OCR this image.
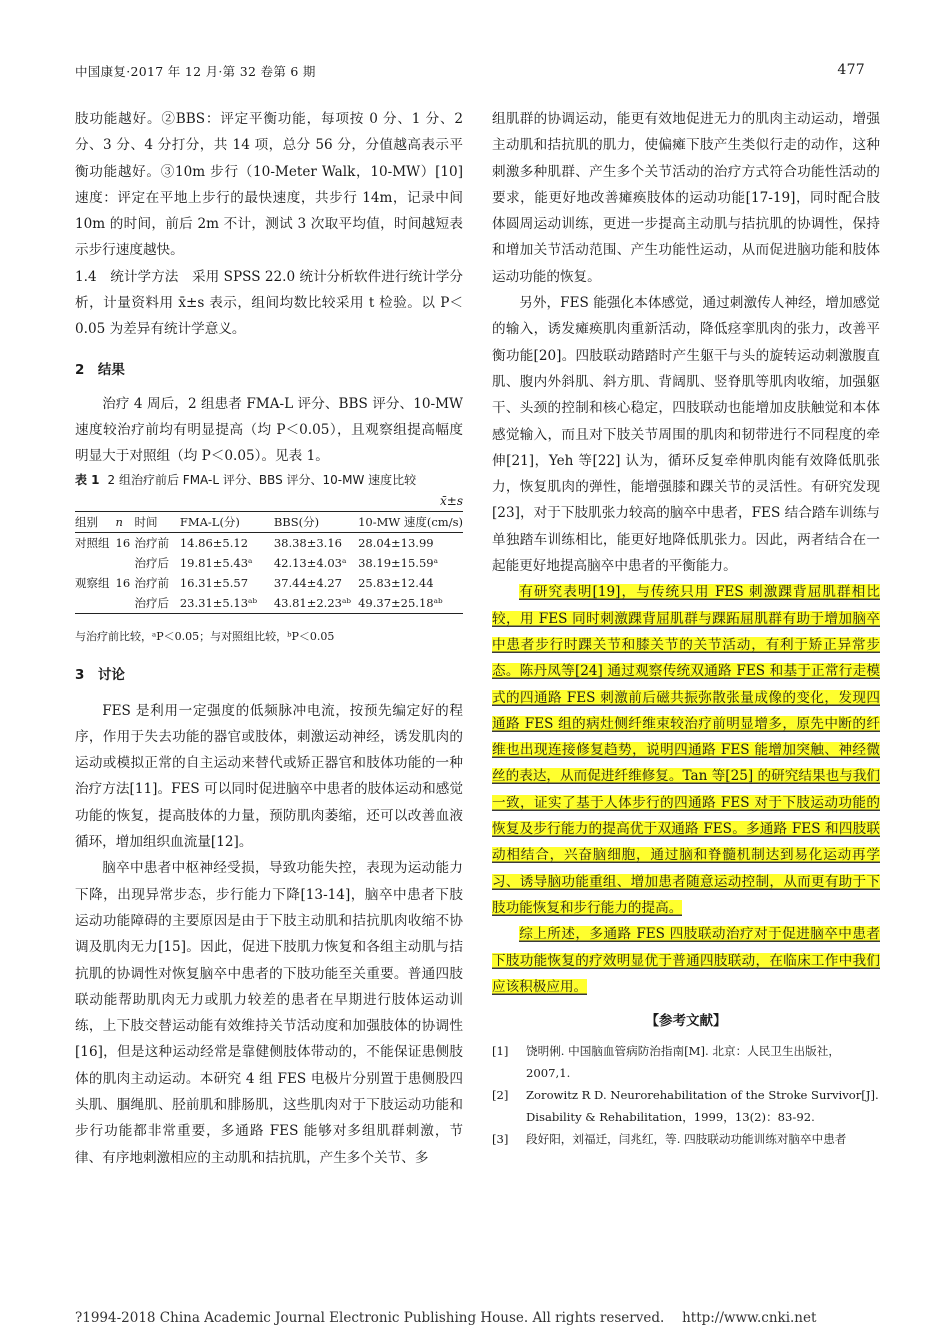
中国康复·2017 年 12 月·第 32 卷第 6 期	477

肢功能越好。②BBS：评定平衡功能，每项按 0 分、1 分、2 分、3 分、4 分打分，共 14 项，总分 56 分，分值越高表示平衡功能越好。③10m 步行（10-Meter Walk，10-MW）[10] 速度：评定在平地上步行的最快速度，共步行 14m，记录中间 10m 的时间，前后 2m 不计，测试 3 次取平均值，时间越短表示步行速度越快。

1.4　统计学方法　采用 SPSS 22.0 统计分析软件进行统计学分析，计量资料用 x̄±s 表示，组间均数比较采用 t 检验。以 P＜0.05 为差异有统计学意义。

2　结果

治疗 4 周后，2 组患者 FMA-L 评分、BBS 评分、10-MW 速度较治疗前均有明显提高（均 P＜0.05），且观察组提高幅度明显大于对照组（均 P＜0.05）。见表 1。

表 1 2 组治疗前后 FMA-L 评分、BBS 评分、10-MW 速度比较
x̄±s
组别	n	时间	FMA-L(分)	BBS(分)	10-MW 速度(cm/s)
对照组	16	治疗前	14.86±5.12	38.38±3.16	28.04±13.99
		治疗后	19.81±5.43ᵃ	42.13±4.03ᵃ	38.19±15.59ᵃ
观察组	16	治疗前	16.31±5.57	37.44±4.27	25.83±12.44
		治疗后	23.31±5.13ᵃᵇ	43.81±2.23ᵃᵇ	49.37±25.18ᵃᵇ
与治疗前比较，ᵃP＜0.05；与对照组比较，ᵇP＜0.05
3　讨论

FES 是利用一定强度的低频脉冲电流，按预先编定好的程序，作用于失去功能的器官或肢体，刺激运动神经，诱发肌肉的运动或模拟正常的自主运动来替代或矫正器官和肢体功能的一种治疗方法[11]。FES 可以同时促进脑卒中患者的肢体运动和感觉功能的恢复，提高肢体的力量，预防肌肉萎缩，还可以改善血液循环，增加组织血流量[12]。

脑卒中患者中枢神经受损，导致功能失控，表现为运动能力下降，出现异常步态，步行能力下降[13-14]，脑卒中患者下肢运动功能障碍的主要原因是由于下肢主动肌和拮抗肌肉收缩不协调及肌肉无力[15]。因此，促进下肢肌力恢复和各组主动肌与拮抗肌的协调性对恢复脑卒中患者的下肢功能至关重要。普通四肢联动能帮助肌肉无力或肌力较差的患者在早期进行肢体运动训练，上下肢交替运动能有效维持关节活动度和加强肢体的协调性[16]，但是这种运动经常是靠健侧肢体带动的，不能保证患侧肢体的肌肉主动运动。本研究 4 组 FES 电极片分别置于患侧股四头肌、腘绳肌、胫前肌和腓肠肌，这些肌肉对于下肢运动功能和步行功能都非常重要，多通路 FES 能够对多组肌群刺激，节律、有序地刺激相应的主动肌和拮抗肌，产生多个关节、多

组肌群的协调运动，能更有效地促进无力的肌肉主动运动，增强主动肌和拮抗肌的肌力，使偏瘫下肢产生类似行走的动作，这种刺激多种肌群、产生多个关节活动的治疗方式符合功能性活动的要求，能更好地改善瘫痪肢体的运动功能[17-19]，同时配合肢体圆周运动训练，更进一步提高主动肌与拮抗肌的协调性，保持和增加关节活动范围、产生功能性运动，从而促进脑功能和肢体运动功能的恢复。

另外，FES 能强化本体感觉，通过刺激传人神经，增加感觉的输入，诱发瘫痪肌肉重新活动，降低痉挛肌肉的张力，改善平衡功能[20]。四肢联动踏踏时产生躯干与头的旋转运动刺激腹直肌、腹内外斜肌、斜方肌、背阔肌、竖脊肌等肌肉收缩，加强躯干、头颈的控制和核心稳定，四肢联动也能增加皮肤触觉和本体感觉输入，而且对下肢关节周围的肌肉和韧带进行不同程度的牵伸[21]，Yeh 等[22] 认为，循环反复牵伸肌肉能有效降低肌张力，恢复肌肉的弹性，能增强膝和踝关节的灵活性。有研究发现[23]，对于下肢肌张力较高的脑卒中患者，FES 结合踏车训练与单独踏车训练相比，能更好地降低肌张力。因此，两者结合在一起能更好地提高脑卒中患者的平衡能力。

有研究表明[19]，与传统只用 FES 刺激踝背屈肌群相比较，用 FES 同时刺激踝背屈肌群与踝跖屈肌群有助于增加脑卒中患者步行时踝关节和膝关节的关节活动，有利于矫正异常步态。陈丹凤等[24] 通过观察传统双通路 FES 和基于正常行走模式的四通路 FES 刺激前后磁共振弥散张量成像的变化，发现四通路 FES 组的病灶侧纤维束较治疗前明显增多，原先中断的纤维也出现连接修复趋势，说明四通路 FES 能增加突触、神经微丝的表达，从而促进纤维修复。Tan 等[25] 的研究结果也与我们一致，证实了基于人体步行的四通路 FES 对于下肢运动功能的恢复及步行能力的提高优于双通路 FES。多通路 FES 和四肢联动相结合，兴奋脑细胞，通过脑和脊髓机制达到易化运动再学习、诱导脑功能重组、增加患者随意运动控制，从而更有助于下肢功能恢复和步行能力的提高。

综上所述，多通路 FES 四肢联动治疗对于促进脑卒中患者下肢功能恢复的疗效明显优于普通四肢联动，在临床工作中我们应该积极应用。

【参考文献】
[1]	饶明俐. 中国脑血管病防治指南[M]. 北京：人民卫生出版社，2007,1.
[2]	Zorowitz R D. Neurorehabilitation of the Stroke Survivor[J]. Disability & Rehabilitation，1999，13(2)：83-92.
[3]	段好阳，刘福迁，闫兆红，等. 四肢联动功能训练对脑卒中患者
?1994-2018 China Academic Journal Electronic Publishing House. All rights reserved.　 http://www.cnki.net
